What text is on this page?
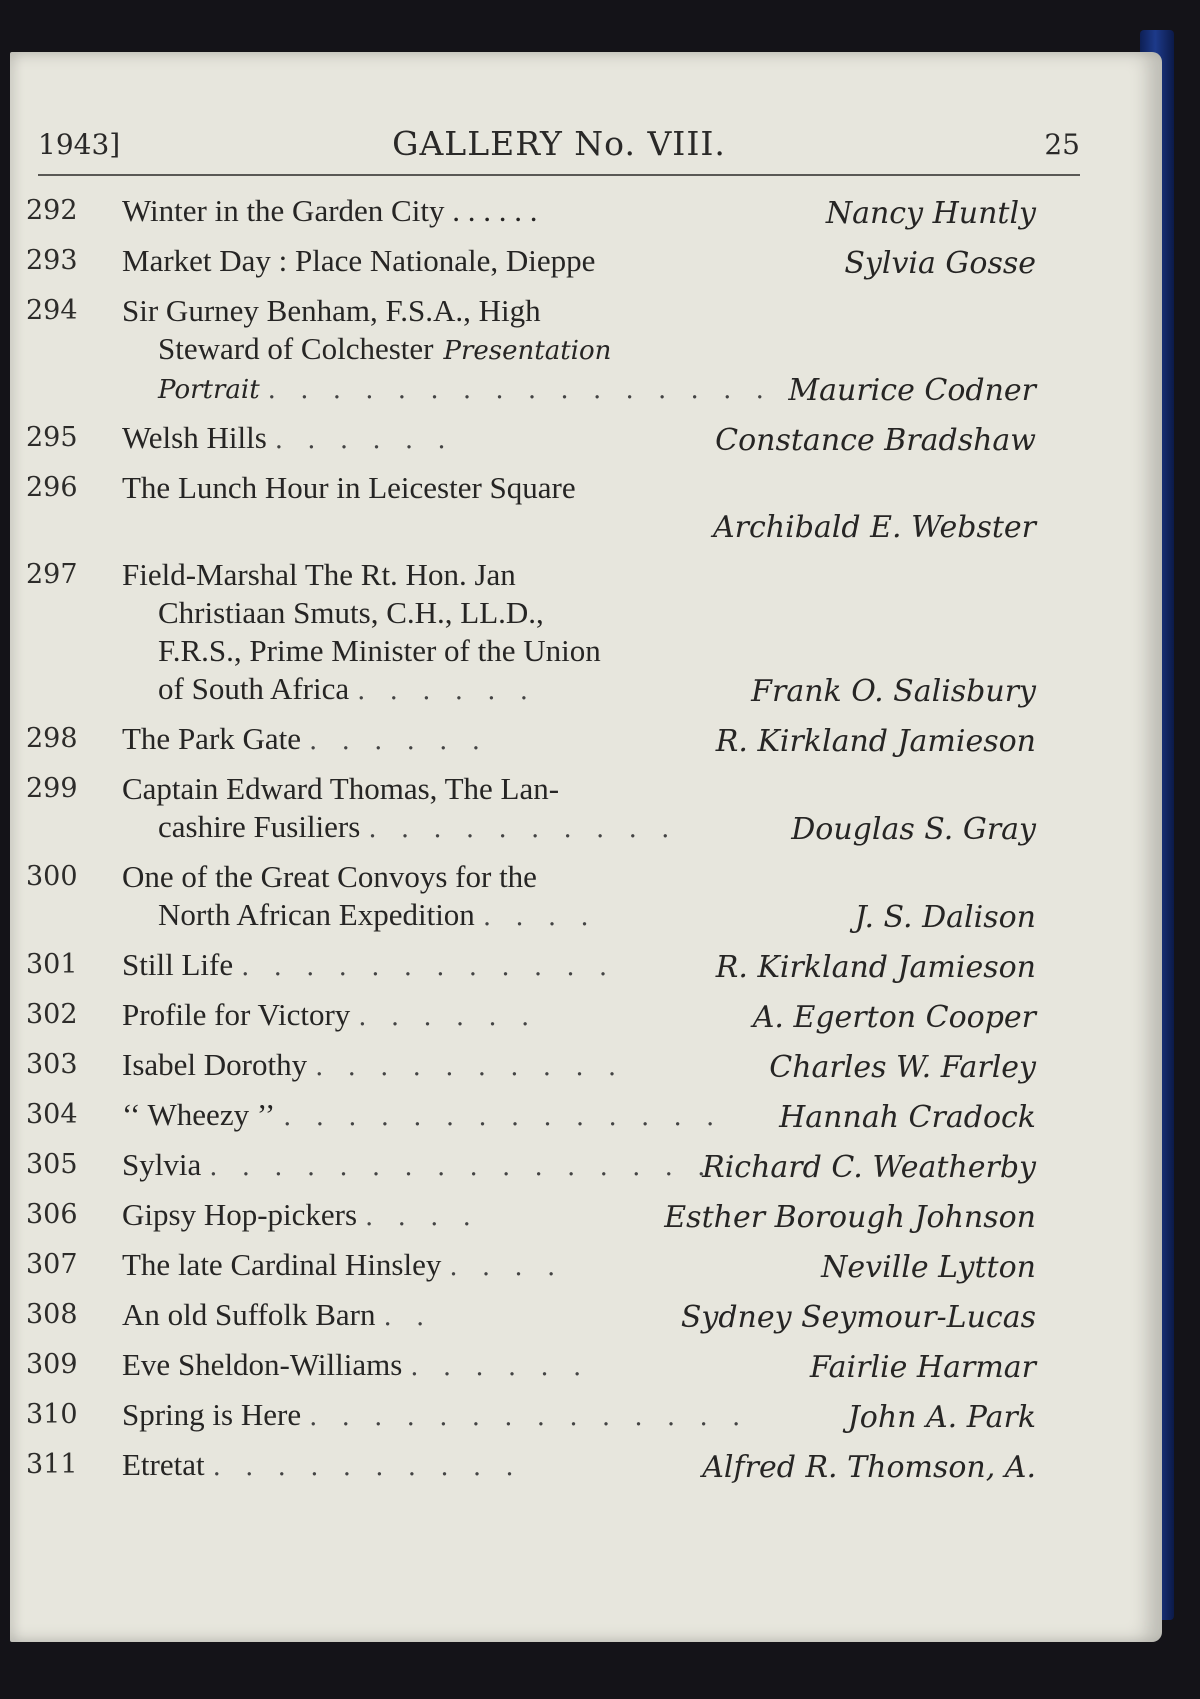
1943]	GALLERY No. VIII.	25
292	Winter in the Garden City . . . . . .	Nancy Huntly
293	Market Day : Place Nationale, Dieppe	Sylvia Gosse
294	Sir Gurney Benham, F.S.A., High
Steward of Colchester Presentation
Portrait . . . . . . . . . . . . . . . . Maurice Codner
295	Welsh Hills . . . . . .	Constance Bradshaw
296	The Lunch Hour in Leicester Square
Archibald E. Webster
297	Field-Marshal The Rt. Hon. Jan
Christiaan Smuts, C.H., LL.D.,
F.R.S., Prime Minister of the Union
of South Africa . . . . . .	Frank O. Salisbury
298	The Park Gate . . . . . .	R. Kirkland Jamieson
299	Captain Edward Thomas, The Lan-
cashire Fusiliers . . . . . . . . . .	Douglas S. Gray
300	One of the Great Convoys for the
North African Expedition . . . .	J. S. Dalison
301	Still Life . . . . . . . . . . . .	R. Kirkland Jamieson
302	Profile for Victory . . . . . .	A. Egerton Cooper
303	Isabel Dorothy . . . . . . . . . .	Charles W. Farley
304	‘‘ Wheezy ’’ . . . . . . . . . . . . . .	Hannah Cradock
305	Sylvia . . . . . . . . . . . . . . . .
Richard C. Weatherby
306	Gipsy Hop-pickers . . . .	Esther Borough Johnson
307	The late Cardinal Hinsley . . . .	Neville Lytton
308	An old Suffolk Barn . .	Sydney Seymour-Lucas
309	Eve Sheldon-Williams . . . . . .	Fairlie Harmar
310	Spring is Here . . . . . . . . . . . . . .	John A. Park
311	Etretat . . . . . . . . . .	Alfred R. Thomson, A.
